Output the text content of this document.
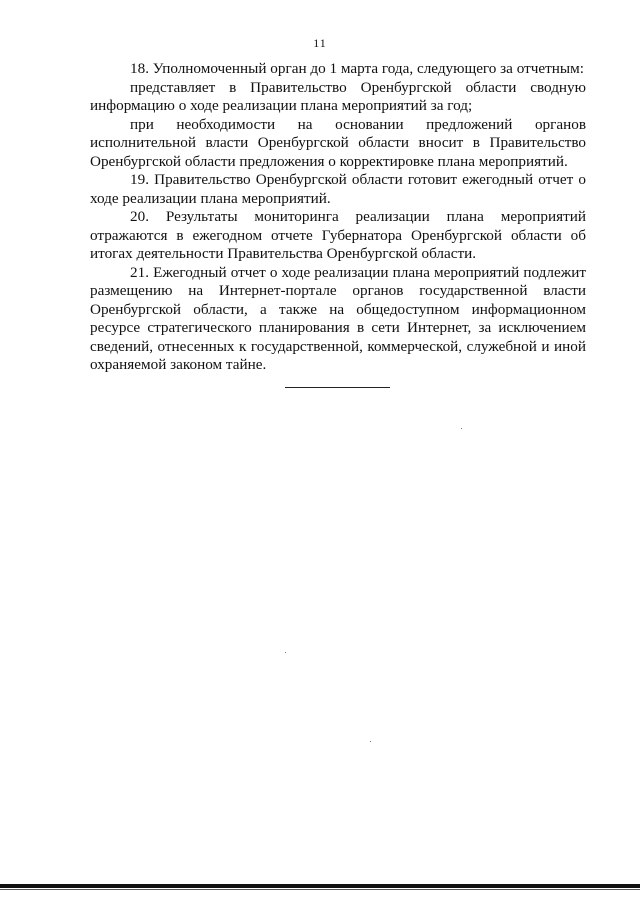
11

18. Уполномоченный орган до 1 марта года, следующего за отчетным:

представляет в Правительство Оренбургской области сводную информацию о ходе реализации плана мероприятий за год;

при необходимости на основании предложений органов исполнительной власти Оренбургской области вносит в Правительство Оренбургской области предложения о корректировке плана мероприятий.

19. Правительство Оренбургской области готовит ежегодный отчет о ходе реализации плана мероприятий.

20. Результаты мониторинга реализации плана мероприятий отражаются в ежегодном отчете Губернатора Оренбургской области об итогах деятельности Правительства Оренбургской области.

21. Ежегодный отчет о ходе реализации плана мероприятий подлежит размещению на Интернет-портале органов государственной власти Оренбургской области, а также на общедоступном информационном ресурсе стратегического планирования в сети Интернет, за исключением сведений, отнесенных к государственной, коммерческой, служебной и иной охраняемой законом тайне.
